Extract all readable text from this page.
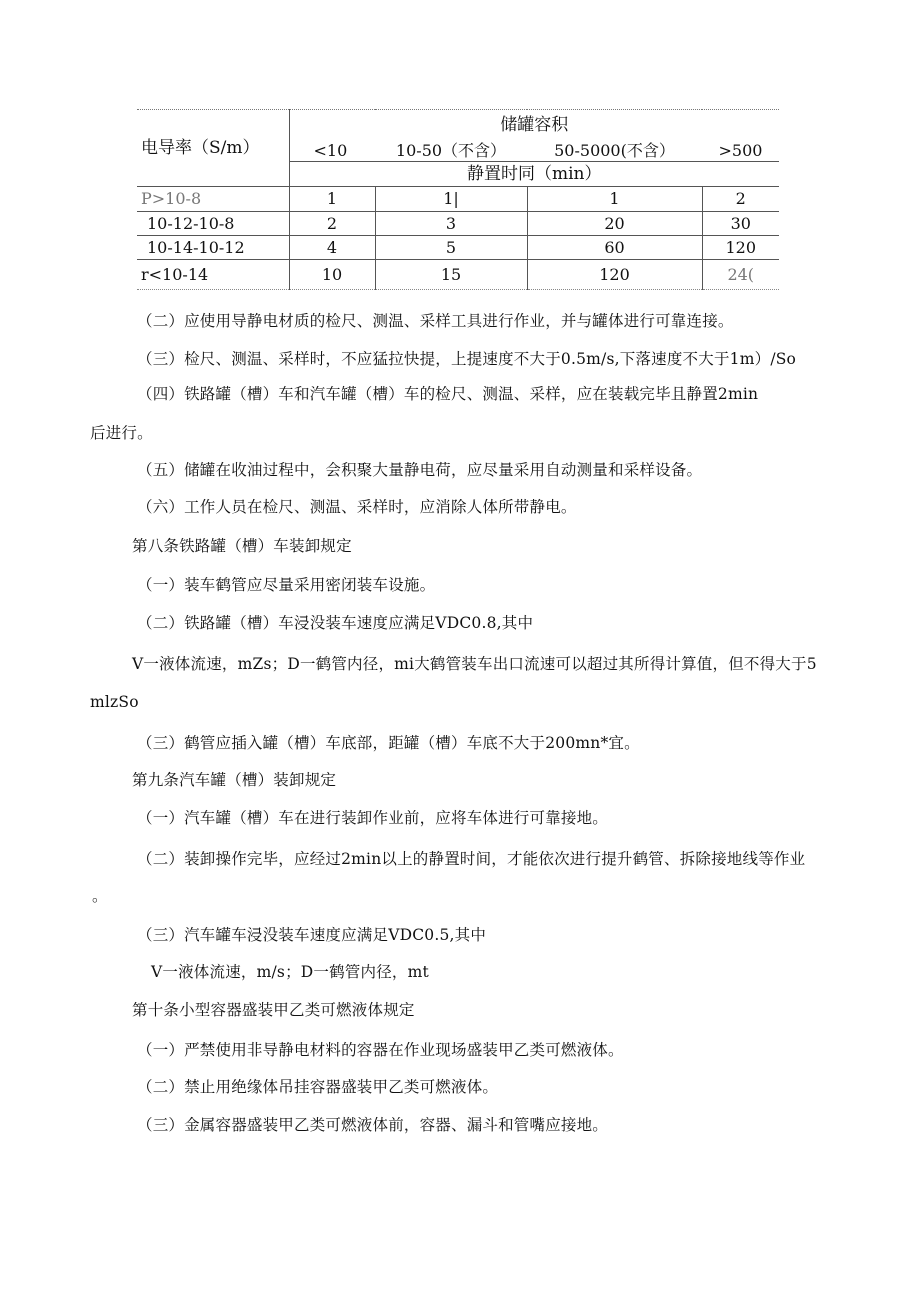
电导率（S/m）	储罐容积			
	<10	10-50（不含）	50-5000(不含）	>500
	静置时同（min）			
P>10-8	1	1|	1	2
10-12-10-8	2	3	20	30
10-14-10-12	4	5	60	120
r<10-14	10	15	120	24(

（二）应使用导静电材质的检尺、测温、采样工具进行作业，并与罐体进行可靠连接。

（三）检尺、测温、采样时，不应猛拉快提，上提速度不大于0.5m/s,下落速度不大于1m）/So

（四）铁路罐（槽）车和汽车罐（槽）车的检尺、测温、采样，应在装载完毕且静置2min

后进行。

（五）储罐在收油过程中，会积聚大量静电荷，应尽量采用自动测量和采样设备。

（六）工作人员在检尺、测温、采样时，应消除人体所带静电。

第八条铁路罐（槽）车装卸规定

（一）装车鹤管应尽量采用密闭装车设施。

（二）铁路罐（槽）车浸没装车速度应满足VDC0.8,其中

V一液体流速，mZs；D一鹤管内径，mi大鹤管装车出口流速可以超过其所得计算值，但不得大于5

mlzSo

（三）鹤管应插入罐（槽）车底部，距罐（槽）车底不大于200mn*宜。

第九条汽车罐（槽）装卸规定

（一）汽车罐（槽）车在进行装卸作业前，应将车体进行可靠接地。

（二）装卸操作完毕，应经过2min以上的静置时间，才能依次进行提升鹤管、拆除接地线等作业

。

（三）汽车罐车浸没装车速度应满足VDC0.5,其中

V一液体流速，m/s；D一鹤管内径，mt

第十条小型容器盛装甲乙类可燃液体规定

（一）严禁使用非导静电材料的容器在作业现场盛装甲乙类可燃液体。

（二）禁止用绝缘体吊挂容器盛装甲乙类可燃液体。

（三）金属容器盛装甲乙类可燃液体前，容器、漏斗和管嘴应接地。
